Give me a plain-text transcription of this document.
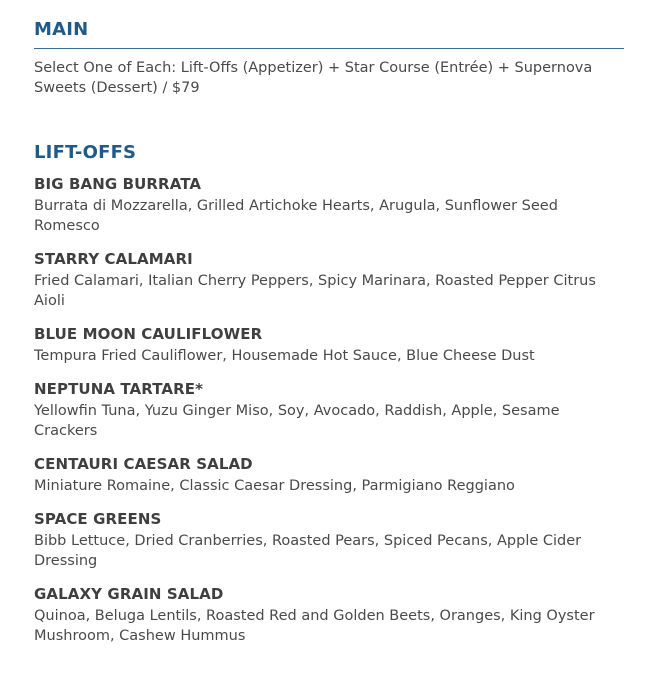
MAIN
Select One of Each: Lift-Offs (Appetizer) + Star Course (Entrée) + Supernova Sweets (Dessert) / $79
LIFT-OFFS
BIG BANG BURRATA
Burrata di Mozzarella, Grilled Artichoke Hearts, Arugula, Sunflower Seed Romesco
STARRY CALAMARI
Fried Calamari, Italian Cherry Peppers, Spicy Marinara, Roasted Pepper Citrus Aioli
BLUE MOON CAULIFLOWER
Tempura Fried Cauliflower, Housemade Hot Sauce, Blue Cheese Dust
NEPTUNA TARTARE*
Yellowfin Tuna, Yuzu Ginger Miso, Soy, Avocado, Raddish, Apple, Sesame Crackers
CENTAURI CAESAR SALAD
Miniature Romaine, Classic Caesar Dressing, Parmigiano Reggiano
SPACE GREENS
Bibb Lettuce, Dried Cranberries, Roasted Pears, Spiced Pecans, Apple Cider Dressing
GALAXY GRAIN SALAD
Quinoa, Beluga Lentils, Roasted Red and Golden Beets, Oranges, King Oyster Mushroom, Cashew Hummus
